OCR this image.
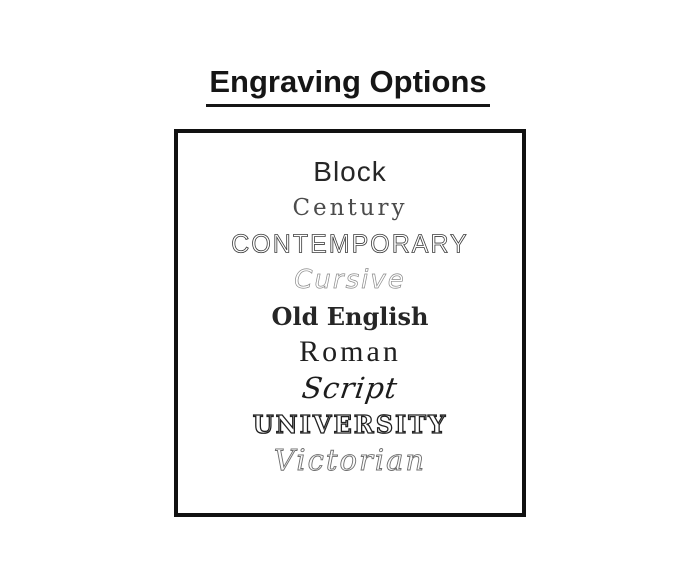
Engraving Options
Block
Century
CONTEMPORARY
Cursive
Old English
Roman
Script
UNIVERSITY
Victorian
